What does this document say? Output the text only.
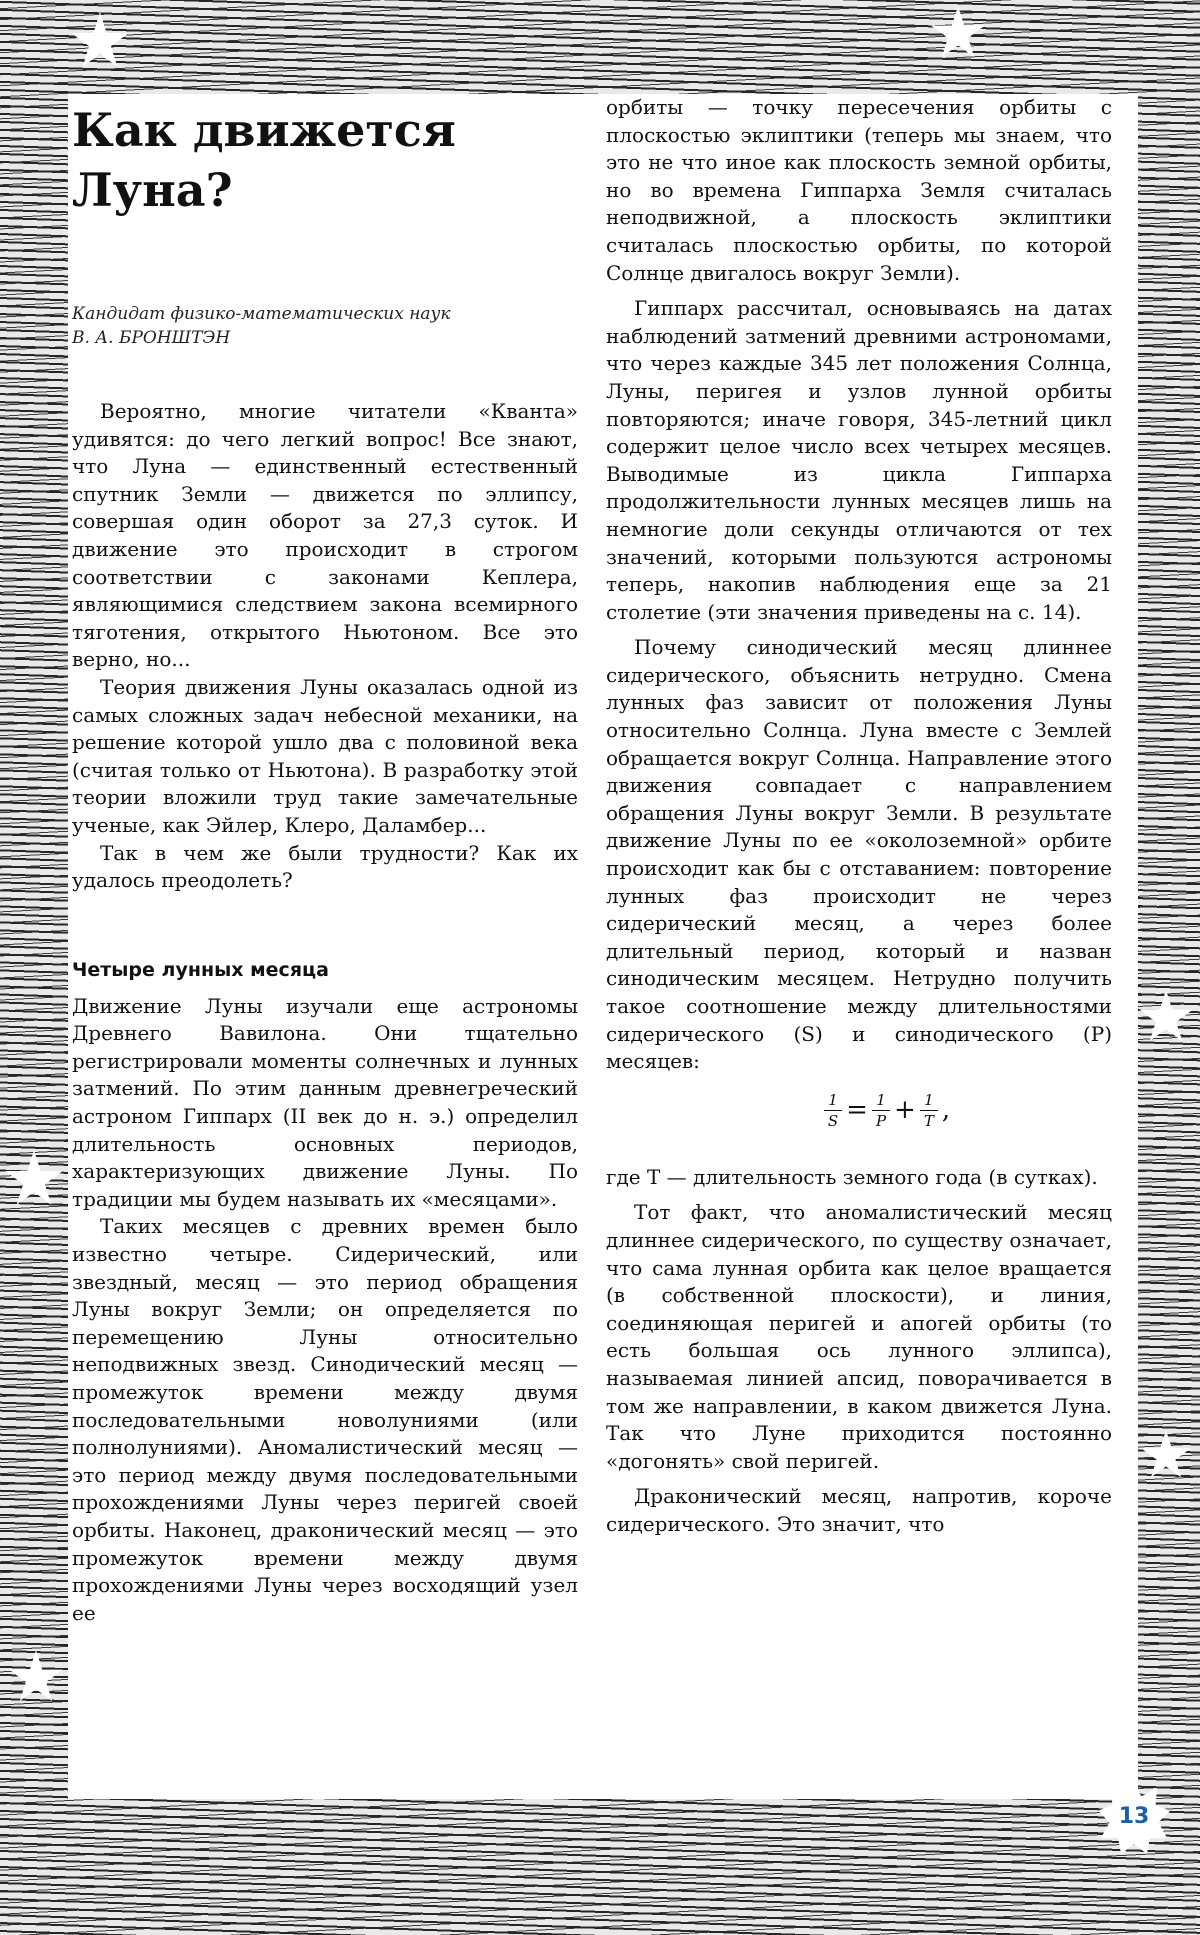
Как движется Луна?
Кандидат физико-математических наук
В. А. БРОНШТЭН

Вероятно, многие читатели «Кванта» удивятся: до чего легкий вопрос! Все знают, что Луна — единственный естественный спутник Земли — движется по эллипсу, совершая один оборот за 27,3 суток. И движение это происходит в строгом соответствии с законами Кеплера, являющимися следствием закона всемирного тяготения, открытого Ньютоном. Все это верно, но...

Теория движения Луны оказалась одной из самых сложных задач небесной механики, на решение которой ушло два с половиной века (считая только от Ньютона). В разработку этой теории вложили труд такие замечательные ученые, как Эйлер, Клеро, Даламбер...

Так в чем же были трудности? Как их удалось преодолеть?

Четыре лунных месяца

Движение Луны изучали еще астрономы Древнего Вавилона. Они тщательно регистрировали моменты солнечных и лунных затмений. По этим данным древнегреческий астроном Гиппарх (II век до н. э.) определил длительность основных периодов, характеризующих движение Луны. По традиции мы будем называть их «месяцами».

Таких месяцев с древних времен было известно четыре. Сидерический, или звездный, месяц — это период обращения Луны вокруг Земли; он определяется по перемещению Луны относительно неподвижных звезд. Синодический месяц — промежуток времени между двумя последовательными новолуниями (или полнолуниями). Аномалистический месяц — это период между двумя последовательными прохождениями Луны через перигей своей орбиты. Наконец, драконический месяц — это промежуток времени между двумя прохождениями Луны через восходящий узел ее

орбиты — точку пересечения орбиты с плоскостью эклиптики (теперь мы знаем, что это не что иное как плоскость земной орбиты, но во времена Гиппарха Земля считалась неподвижной, а плоскость эклиптики считалась плоскостью орбиты, по которой Солнце двигалось вокруг Земли).

Гиппарх рассчитал, основываясь на датах наблюдений затмений древними астрономами, что через каждые 345 лет положения Солнца, Луны, перигея и узлов лунной орбиты повторяются; иначе говоря, 345-летний цикл содержит целое число всех четырех месяцев. Выводимые из цикла Гиппарха продолжительности лунных месяцев лишь на немногие доли секунды отличаются от тех значений, которыми пользуются астрономы теперь, накопив наблюдения еще за 21 столетие (эти значения приведены на с. 14).

Почему синодический месяц длиннее сидерического, объяснить нетрудно. Смена лунных фаз зависит от положения Луны относительно Солнца. Луна вместе с Землей обращается вокруг Солнца. Направление этого движения совпадает с направлением обращения Луны вокруг Земли. В результате движение Луны по ее «околоземной» орбите происходит как бы с отставанием: повторение лунных фаз происходит не через сидерический месяц, а через более длительный период, который и назван синодическим месяцем. Нетрудно получить такое соотношение между длительностями сидерического (S) и синодического (P) месяцев:

$\frac{1}{S} = \frac{1}{P} + \frac{1}{T}$ ,

где T — длительность земного года (в сутках).

Тот факт, что аномалистический месяц длиннее сидерического, по существу означает, что сама лунная орбита как целое вращается (в собственной плоскости), и линия, соединяющая перигей и апогей орбиты (то есть большая ось лунного эллипса), называемая линией апсид, поворачивается в том же направлении, в каком движется Луна. Так что Луне приходится постоянно «догонять» свой перигей.

Драконический месяц, напротив, короче сидерического. Это значит, что

13
